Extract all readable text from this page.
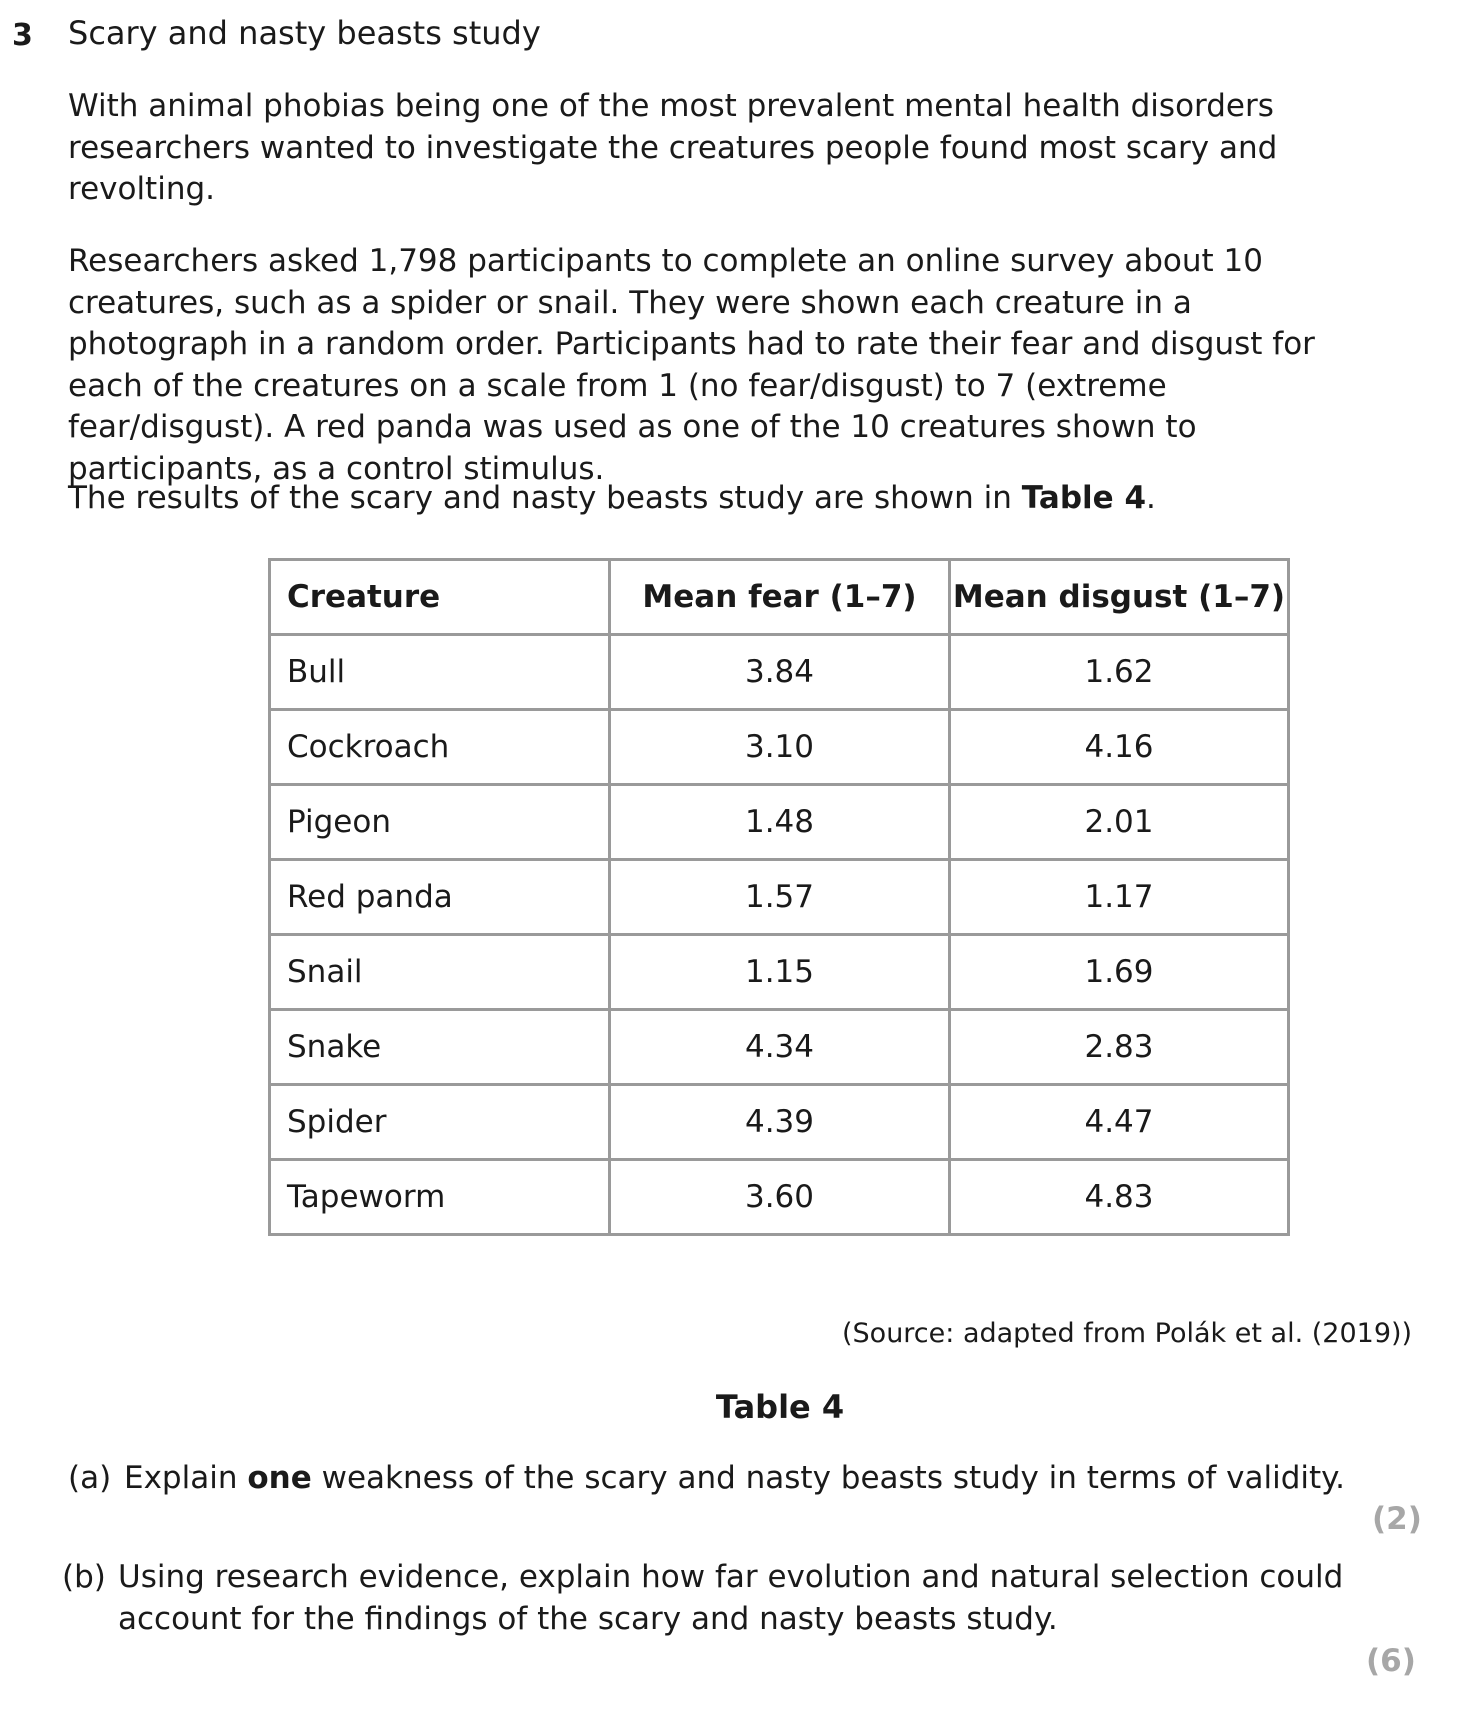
3 Scary and nasty beasts study

With animal phobias being one of the most prevalent mental health disorders researchers wanted to investigate the creatures people found most scary and revolting.

Researchers asked 1,798 participants to complete an online survey about 10 creatures, such as a spider or snail. They were shown each creature in a photograph in a random order. Participants had to rate their fear and disgust for each of the creatures on a scale from 1 (no fear/disgust) to 7 (extreme fear/disgust). A red panda was used as one of the 10 creatures shown to participants, as a control stimulus.

The results of the scary and nasty beasts study are shown in Table 4.

Creature	Mean fear (1–7)	Mean disgust (1–7)
Bull	3.84	1.62
Cockroach	3.10	4.16
Pigeon	1.48	2.01
Red panda	1.57	1.17
Snail	1.15	1.69
Snake	4.34	2.83
Spider	4.39	4.47
Tapeworm	3.60	4.83
(Source: adapted from Polák et al. (2019))
Table 4
(a) Explain one weakness of the scary and nasty beasts study in terms of validity.
(2)
(b) Using research evidence, explain how far evolution and natural selection could account for the findings of the scary and nasty beasts study.
(6)
